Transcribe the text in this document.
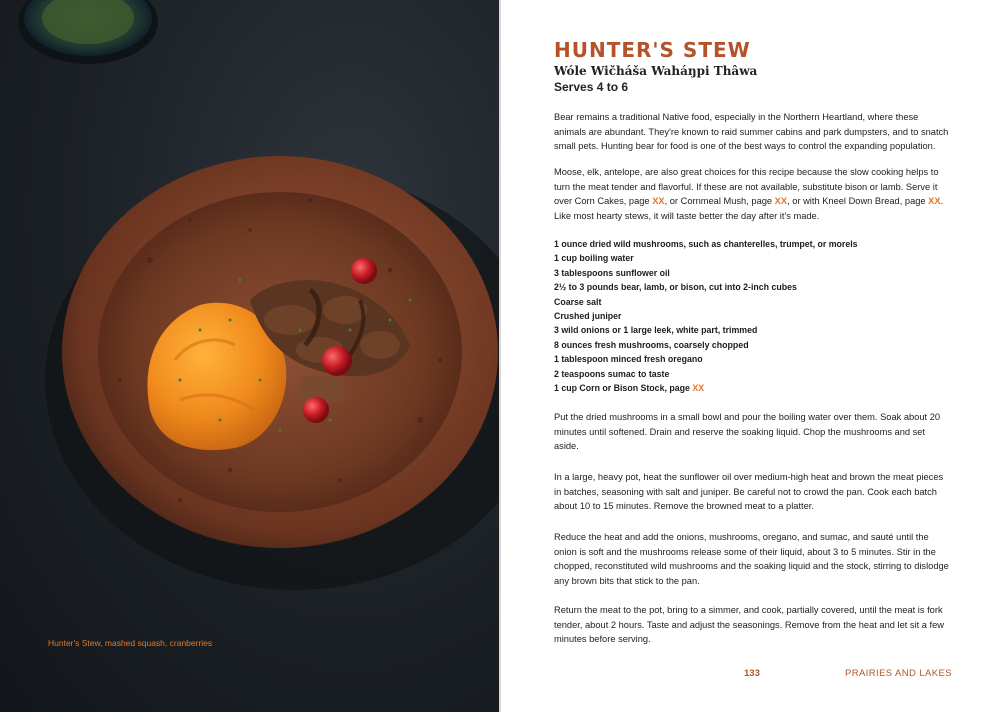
Hunter's Stew, mashed squash, cranberries
HUNTER'S STEW
Wóle Wičháša Waháŋpi Thâwa
Serves 4 to 6

Bear remains a traditional Native food, especially in the Northern Heartland, where these animals are abundant. They're known to raid summer cabins and park dumpsters, and to snatch small pets. Hunting bear for food is one of the best ways to control the expanding population.

Moose, elk, antelope, are also great choices for this recipe because the slow cooking helps to turn the meat tender and flavorful. If these are not available, substitute bison or lamb. Serve it over Corn Cakes, page XX, or Cornmeal Mush, page XX, or with Kneel Down Bread, page XX. Like most hearty stews, it will taste better the day after it's made.

1 ounce dried wild mushrooms, such as chanterelles, trumpet, or morels
1 cup boiling water
3 tablespoons sunflower oil
2½ to 3 pounds bear, lamb, or bison, cut into 2-inch cubes
Coarse salt
Crushed juniper
3 wild onions or 1 large leek, white part, trimmed
8 ounces fresh mushrooms, coarsely chopped
1 tablespoon minced fresh oregano
2 teaspoons sumac to taste
1 cup Corn or Bison Stock, page XX

Put the dried mushrooms in a small bowl and pour the boiling water over them. Soak about 20 minutes until softened. Drain and reserve the soaking liquid. Chop the mushrooms and set aside.

In a large, heavy pot, heat the sunflower oil over medium-high heat and brown the meat pieces in batches, seasoning with salt and juniper. Be careful not to crowd the pan. Cook each batch about 10 to 15 minutes. Remove the browned meat to a platter.

Reduce the heat and add the onions, mushrooms, oregano, and sumac, and sauté until the onion is soft and the mushrooms release some of their liquid, about 3 to 5 minutes. Stir in the chopped, reconstituted wild mushrooms and the soaking liquid and the stock, stirring to dislodge any brown bits that stick to the pan.

Return the meat to the pot, bring to a simmer, and cook, partially covered, until the meat is fork tender, about 2 hours. Taste and adjust the seasonings. Remove from the heat and let sit a few minutes before serving.

133	PRAIRIES AND LAKES
